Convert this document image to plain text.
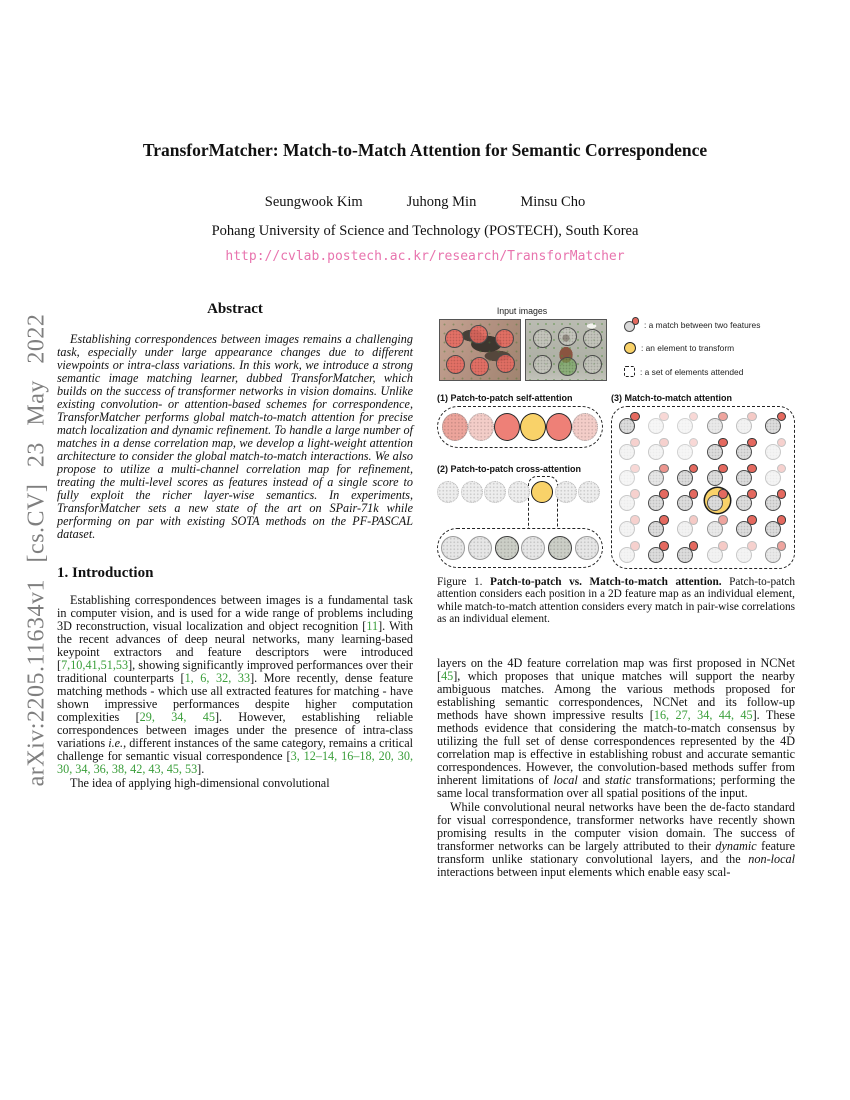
arXiv:2205.11634v1 [cs.CV] 23 May 2022
TransforMatcher: Match-to-Match Attention for Semantic Correspondence
Seungwook Kim	Juhong Min	Minsu Cho
Pohang University of Science and Technology (POSTECH), South Korea
http://cvlab.postech.ac.kr/research/TransforMatcher
Abstract

Establishing correspondences between images remains a challenging task, especially under large appearance changes due to different viewpoints or intra-class variations. In this work, we introduce a strong semantic image matching learner, dubbed TransforMatcher, which builds on the success of transformer networks in vision domains. Unlike existing convolution- or attention-based schemes for correspondence, TransforMatcher performs global match-to-match attention for precise match localization and dynamic refinement. To handle a large number of matches in a dense correlation map, we develop a light-weight attention architecture to consider the global match-to-match interactions. We also propose to utilize a multi-channel correlation map for refinement, treating the multi-level scores as features instead of a single score to fully exploit the richer layer-wise semantics. In experiments, TransforMatcher sets a new state of the art on SPair-71k while performing on par with existing SOTA methods on the PF-PASCAL dataset.

1. Introduction

Establishing correspondences between images is a fundamental task in computer vision, and is used for a wide range of problems including 3D reconstruction, visual localization and object recognition [11]. With the recent advances of deep neural networks, many learning-based keypoint extractors and feature descriptors were introduced [7,10,41,51,53], showing significantly improved performances over their traditional counterparts [1, 6, 32, 33]. More recently, dense feature matching methods - which use all extracted features for matching - have shown impressive performances despite higher computation complexities [29, 34, 45]. However, establishing reliable correspondences between images under the presence of intra-class variations i.e., different instances of the same category, remains a critical challenge for semantic visual correspondence [3, 12–14, 16–18, 20, 30, 30, 34, 36, 38, 42, 43, 45, 53].

The idea of applying high-dimensional convolutional

Input images
: a match between two features
: an element to transform
: a set of elements attended
(1) Patch-to-patch self-attention	(3) Match-to-match attention
(2) Patch-to-patch cross-attention

Figure 1. Patch-to-patch vs. Match-to-match attention. Patch-to-patch attention considers each position in a 2D feature map as an individual element, while match-to-match attention considers every match in pair-wise correlations as an individual element.

layers on the 4D feature correlation map was first proposed in NCNet [45], which proposes that unique matches will support the nearby ambiguous matches. Among the various methods proposed for establishing semantic correspondences, NCNet and its follow-up methods have shown impressive results [16, 27, 34, 44, 45]. These methods evidence that considering the match-to-match consensus by utilizing the full set of dense correspondences represented by the 4D correlation map is effective in establishing robust and accurate semantic correspondences. However, the convolution-based methods suffer from inherent limitations of local and static transformations; performing the same local transformation over all spatial positions of the input.

While convolutional neural networks have been the de-facto standard for visual correspondence, transformer networks have recently shown promising results in the computer vision domain. The success of transformer networks can be largely attributed to their dynamic feature transform unlike stationary convolutional layers, and the non-local interactions between input elements which enable easy scal-
